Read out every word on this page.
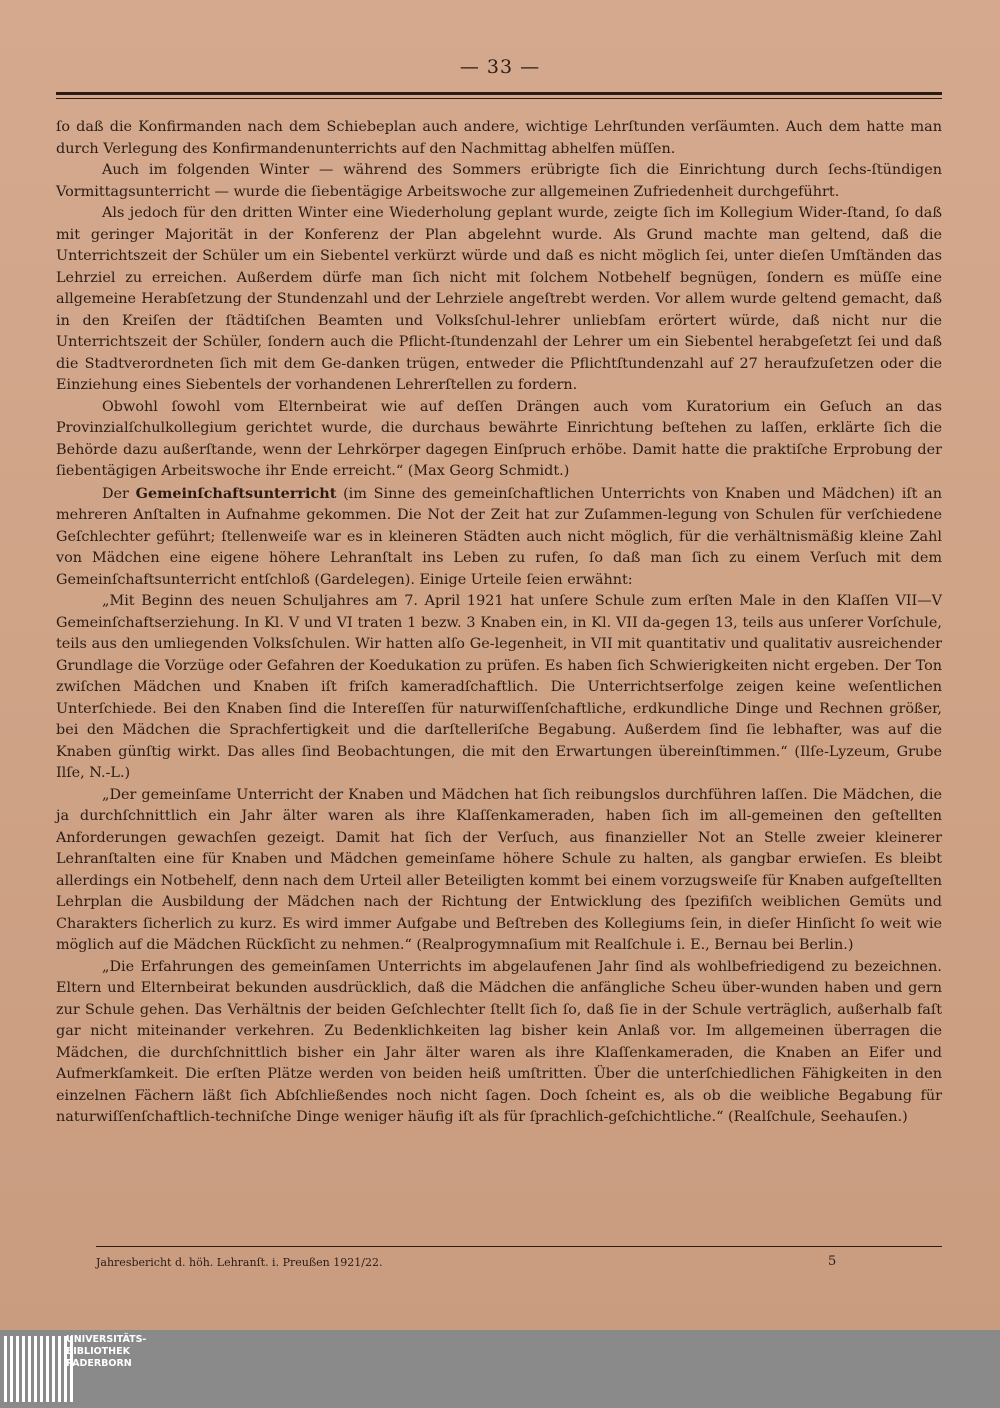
— 33 —

ſo daß die Konfirmanden nach dem Schiebeplan auch andere, wichtige Lehrſtunden verſäumten. Auch dem hatte man durch Verlegung des Konfirmandenunterrichts auf den Nachmittag abhelfen müſſen.

Auch im folgenden Winter — während des Sommers erübrigte ſich die Einrichtung durch ſechs-ſtündigen Vormittagsunterricht — wurde die ſiebentägige Arbeitswoche zur allgemeinen Zufriedenheit durchgeführt.

Als jedoch für den dritten Winter eine Wiederholung geplant wurde, zeigte ſich im Kollegium Wider-ſtand, ſo daß mit geringer Majorität in der Konferenz der Plan abgelehnt wurde. Als Grund machte man geltend, daß die Unterrichtszeit der Schüler um ein Siebentel verkürzt würde und daß es nicht möglich ſei, unter dieſen Umſtänden das Lehrziel zu erreichen. Außerdem dürfe man ſich nicht mit ſolchem Notbehelf begnügen, ſondern es müſſe eine allgemeine Herabſetzung der Stundenzahl und der Lehrziele angeſtrebt werden. Vor allem wurde geltend gemacht, daß in den Kreiſen der ſtädtiſchen Beamten und Volksſchul-lehrer unliebſam erörtert würde, daß nicht nur die Unterrichtszeit der Schüler, ſondern auch die Pflicht-ſtundenzahl der Lehrer um ein Siebentel herabgeſetzt ſei und daß die Stadtverordneten ſich mit dem Ge-danken trügen, entweder die Pflichtſtundenzahl auf 27 heraufzuſetzen oder die Einziehung eines Siebentels der vorhandenen Lehrerſtellen zu fordern.

Obwohl ſowohl vom Elternbeirat wie auf deſſen Drängen auch vom Kuratorium ein Geſuch an das Provinzialſchulkollegium gerichtet wurde, die durchaus bewährte Einrichtung beſtehen zu laſſen, erklärte ſich die Behörde dazu außerſtande, wenn der Lehrkörper dagegen Einſpruch erhöbe. Damit hatte die praktiſche Erprobung der ſiebentägigen Arbeitswoche ihr Ende erreicht.“ (Max Georg Schmidt.)

Der Gemeinſchaftsunterricht (im Sinne des gemeinſchaftlichen Unterrichts von Knaben und Mädchen) iſt an mehreren Anſtalten in Aufnahme gekommen. Die Not der Zeit hat zur Zuſammen-legung von Schulen für verſchiedene Geſchlechter geführt; ſtellenweiſe war es in kleineren Städten auch nicht möglich, für die verhältnismäßig kleine Zahl von Mädchen eine eigene höhere Lehranſtalt ins Leben zu rufen, ſo daß man ſich zu einem Verſuch mit dem Gemeinſchaftsunterricht entſchloß (Gardelegen). Einige Urteile ſeien erwähnt:

„Mit Beginn des neuen Schuljahres am 7. April 1921 hat unſere Schule zum erſten Male in den Klaſſen VII—V Gemeinſchaftserziehung. In Kl. V und VI traten 1 bezw. 3 Knaben ein, in Kl. VII da-gegen 13, teils aus unſerer Vorſchule, teils aus den umliegenden Volksſchulen. Wir hatten alſo Ge-legenheit, in VII mit quantitativ und qualitativ ausreichender Grundlage die Vorzüge oder Gefahren der Koedukation zu prüfen. Es haben ſich Schwierigkeiten nicht ergeben. Der Ton zwiſchen Mädchen und Knaben iſt friſch kameradſchaftlich. Die Unterrichtserfolge zeigen keine weſentlichen Unterſchiede. Bei den Knaben ſind die Intereſſen für naturwiſſenſchaftliche, erdkundliche Dinge und Rechnen größer, bei den Mädchen die Sprachfertigkeit und die darſtelleriſche Begabung. Außerdem ſind ſie lebhafter, was auf die Knaben günſtig wirkt. Das alles ſind Beobachtungen, die mit den Erwartungen übereinſtimmen.“ (Ilſe-Lyzeum, Grube Ilſe, N.-L.)

„Der gemeinſame Unterricht der Knaben und Mädchen hat ſich reibungslos durchführen laſſen. Die Mädchen, die ja durchſchnittlich ein Jahr älter waren als ihre Klaſſenkameraden, haben ſich im all-gemeinen den geſtellten Anforderungen gewachſen gezeigt. Damit hat ſich der Verſuch, aus finanzieller Not an Stelle zweier kleinerer Lehranſtalten eine für Knaben und Mädchen gemeinſame höhere Schule zu halten, als gangbar erwieſen. Es bleibt allerdings ein Notbehelf, denn nach dem Urteil aller Beteiligten kommt bei einem vorzugsweiſe für Knaben aufgeſtellten Lehrplan die Ausbildung der Mädchen nach der Richtung der Entwicklung des ſpezifiſch weiblichen Gemüts und Charakters ſicherlich zu kurz. Es wird immer Aufgabe und Beſtreben des Kollegiums ſein, in dieſer Hinſicht ſo weit wie möglich auf die Mädchen Rückſicht zu nehmen.“ (Realprogymnaſium mit Realſchule i. E., Bernau bei Berlin.)

„Die Erfahrungen des gemeinſamen Unterrichts im abgelaufenen Jahr ſind als wohlbefriedigend zu bezeichnen. Eltern und Elternbeirat bekunden ausdrücklich, daß die Mädchen die anfängliche Scheu über-wunden haben und gern zur Schule gehen. Das Verhältnis der beiden Geſchlechter ſtellt ſich ſo, daß ſie in der Schule verträglich, außerhalb faſt gar nicht miteinander verkehren. Zu Bedenklichkeiten lag bisher kein Anlaß vor. Im allgemeinen überragen die Mädchen, die durchſchnittlich bisher ein Jahr älter waren als ihre Klaſſenkameraden, die Knaben an Eifer und Aufmerkſamkeit. Die erſten Plätze werden von beiden heiß umſtritten. Über die unterſchiedlichen Fähigkeiten in den einzelnen Fächern läßt ſich Abſchließendes noch nicht ſagen. Doch ſcheint es, als ob die weibliche Begabung für naturwiſſenſchaftlich-techniſche Dinge weniger häufig iſt als für ſprachlich-geſchichtliche.“ (Realſchule, Seehauſen.)

Jahresbericht d. höh. Lehranſt. i. Preußen 1921/22.	5
UNIVERSITÄTS-
BIBLIOTHEK
PADERBORN
